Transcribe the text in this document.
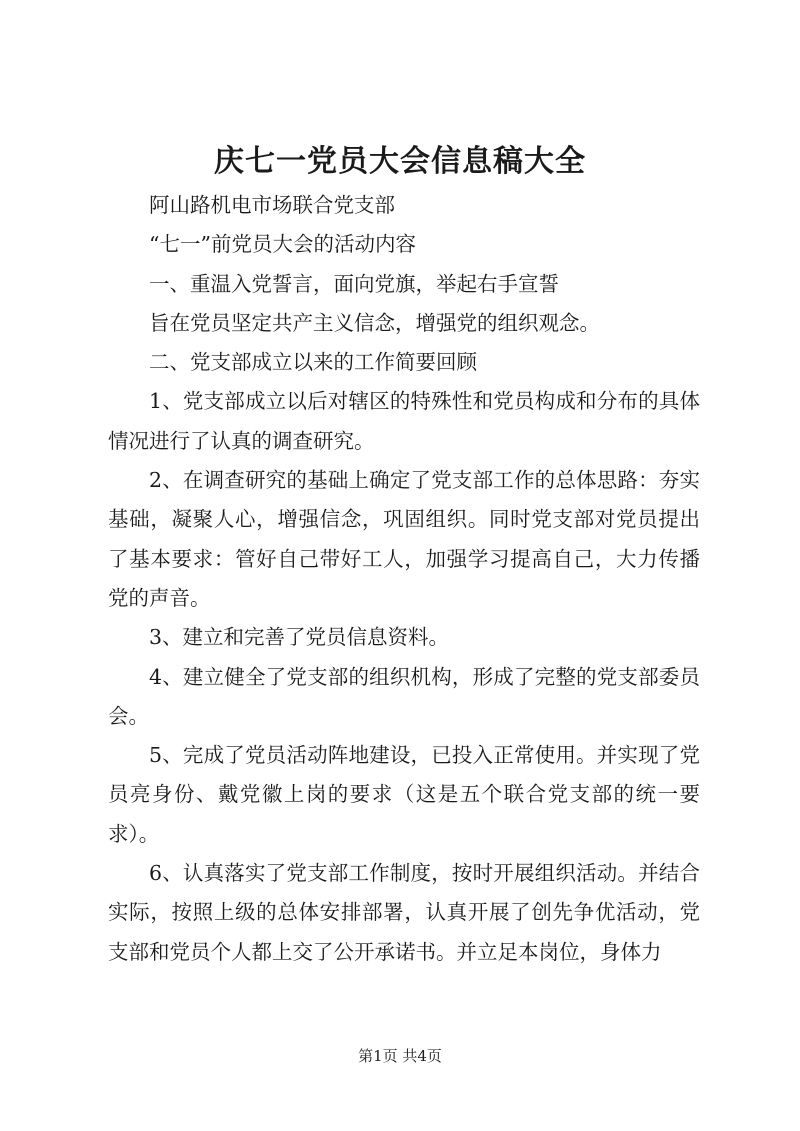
庆七一党员大会信息稿大全

阿山路机电市场联合党支部

“七一”前党员大会的活动内容

一、重温入党誓言，面向党旗，举起右手宣誓

旨在党员坚定共产主义信念，增强党的组织观念。

二、党支部成立以来的工作简要回顾

1、党支部成立以后对辖区的特殊性和党员构成和分布的具体情况进行了认真的调查研究。

2、在调查研究的基础上确定了党支部工作的总体思路：夯实基础，凝聚人心，增强信念，巩固组织。同时党支部对党员提出了基本要求：管好自己带好工人，加强学习提高自己，大力传播党的声音。

3、建立和完善了党员信息资料。

4、建立健全了党支部的组织机构，形成了完整的党支部委员会。

5、完成了党员活动阵地建设，已投入正常使用。并实现了党员亮身份、戴党徽上岗的要求（这是五个联合党支部的统一要求）。

6、认真落实了党支部工作制度，按时开展组织活动。并结合实际，按照上级的总体安排部署，认真开展了创先争优活动，党支部和党员个人都上交了公开承诺书。并立足本岗位，身体力

第1页 共4页
